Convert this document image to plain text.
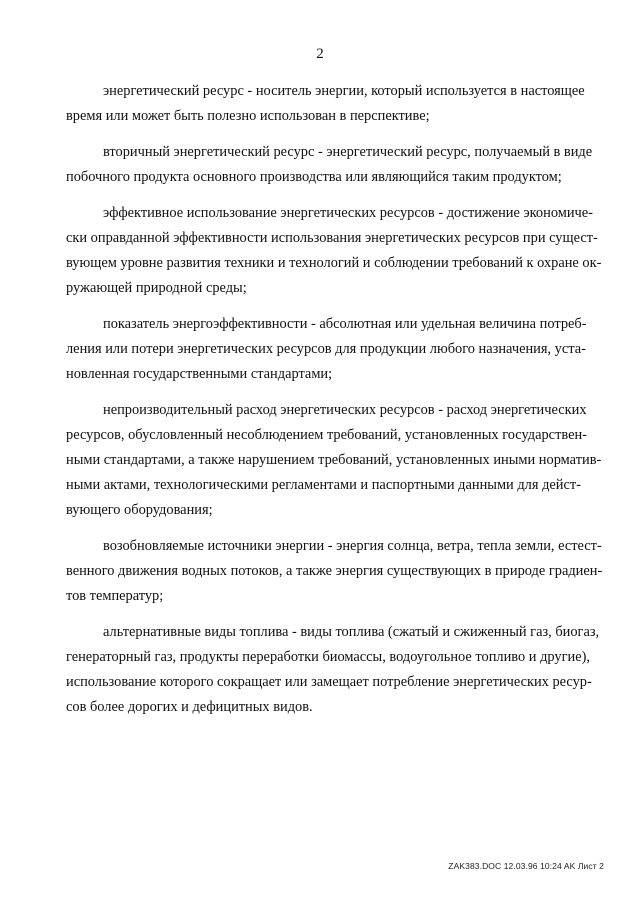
2

энергетический ресурс - носитель энергии, который используется в настоящее
время или может быть полезно использован в перспективе;

вторичный энергетический ресурс - энергетический ресурс, получаемый в виде
побочного продукта основного производства или являющийся таким продуктом;

эффективное использование энергетических ресурсов - достижение экономиче-
ски оправданной эффективности использования энергетических ресурсов при сущест-
вующем уровне развития техники и технологий и соблюдении требований к охране ок-
ружающей природной среды;

показатель энергоэффективности - абсолютная или удельная величина потреб-
ления или потери энергетических ресурсов для продукции любого назначения, уста-
новленная государственными стандартами;

непроизводительный расход энергетических ресурсов - расход энергетических
ресурсов, обусловленный несоблюдением требований, установленных государствен-
ными стандартами, а также нарушением требований, установленных иными норматив-
ными актами, технологическими регламентами и паспортными данными для дейст-
вующего оборудования;

возобновляемые источники энергии - энергия солнца, ветра, тепла земли, естест-
венного движения водных потоков, а также энергия существующих в природе градиен-
тов температур;

альтернативные виды топлива - виды топлива (сжатый и сжиженный газ, биогаз,
генераторный газ, продукты переработки биомассы, водоугольное топливо и другие),
использование которого сокращает или замещает потребление энергетических ресур-
сов более дорогих и дефицитных видов.

ZAK383.DOC 12.03.96 10:24 AK Лист 2
